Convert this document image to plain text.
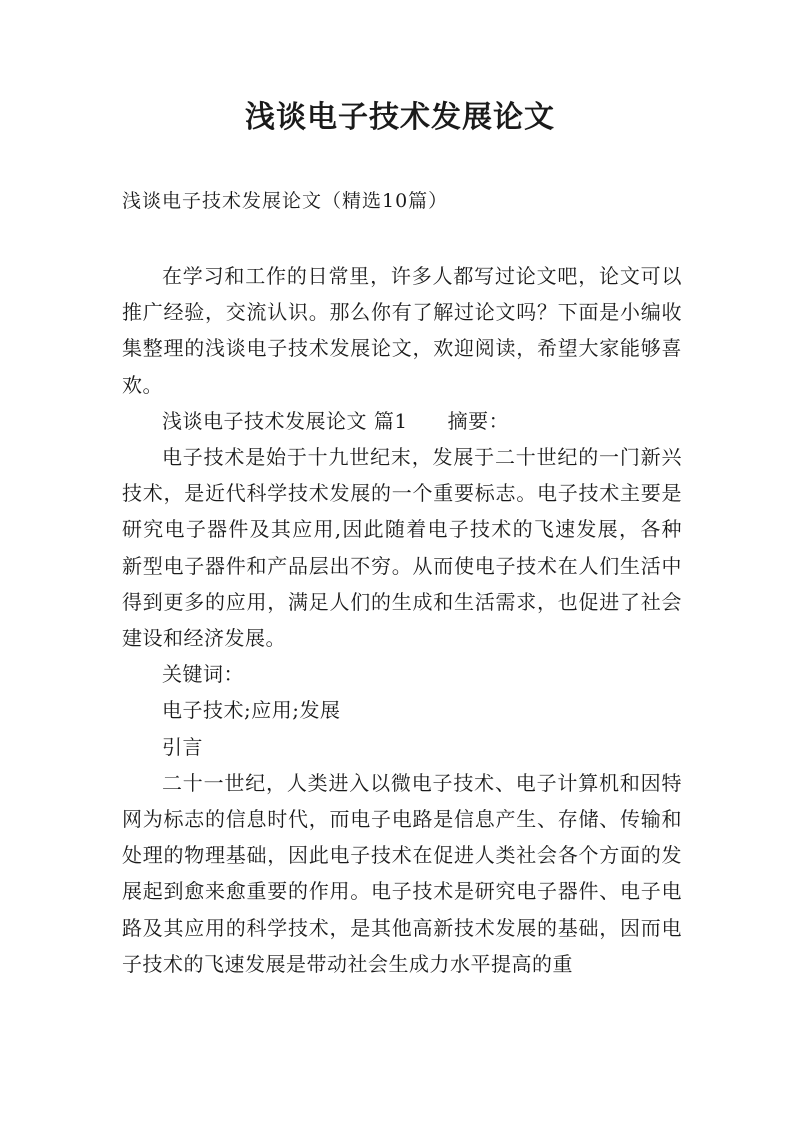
浅谈电子技术发展论文
浅谈电子技术发展论文（精选10篇）

在学习和工作的日常里，许多人都写过论文吧，论文可以推广经验，交流认识。那么你有了解过论文吗？下面是小编收集整理的浅谈电子技术发展论文，欢迎阅读，希望大家能够喜欢。

浅谈电子技术发展论文 篇1 摘要：

电子技术是始于十九世纪末，发展于二十世纪的一门新兴技术，是近代科学技术发展的一个重要标志。电子技术主要是研究电子器件及其应用,因此随着电子技术的飞速发展，各种新型电子器件和产品层出不穷。从而使电子技术在人们生活中得到更多的应用，满足人们的生成和生活需求，也促进了社会建设和经济发展。

关键词：

电子技术;应用;发展

引言

二十一世纪，人类进入以微电子技术、电子计算机和因特网为标志的信息时代，而电子电路是信息产生、存储、传输和处理的物理基础，因此电子技术在促进人类社会各个方面的发展起到愈来愈重要的作用。电子技术是研究电子器件、电子电路及其应用的科学技术，是其他高新技术发展的基础，因而电子技术的飞速发展是带动社会生成力水平提高的重
